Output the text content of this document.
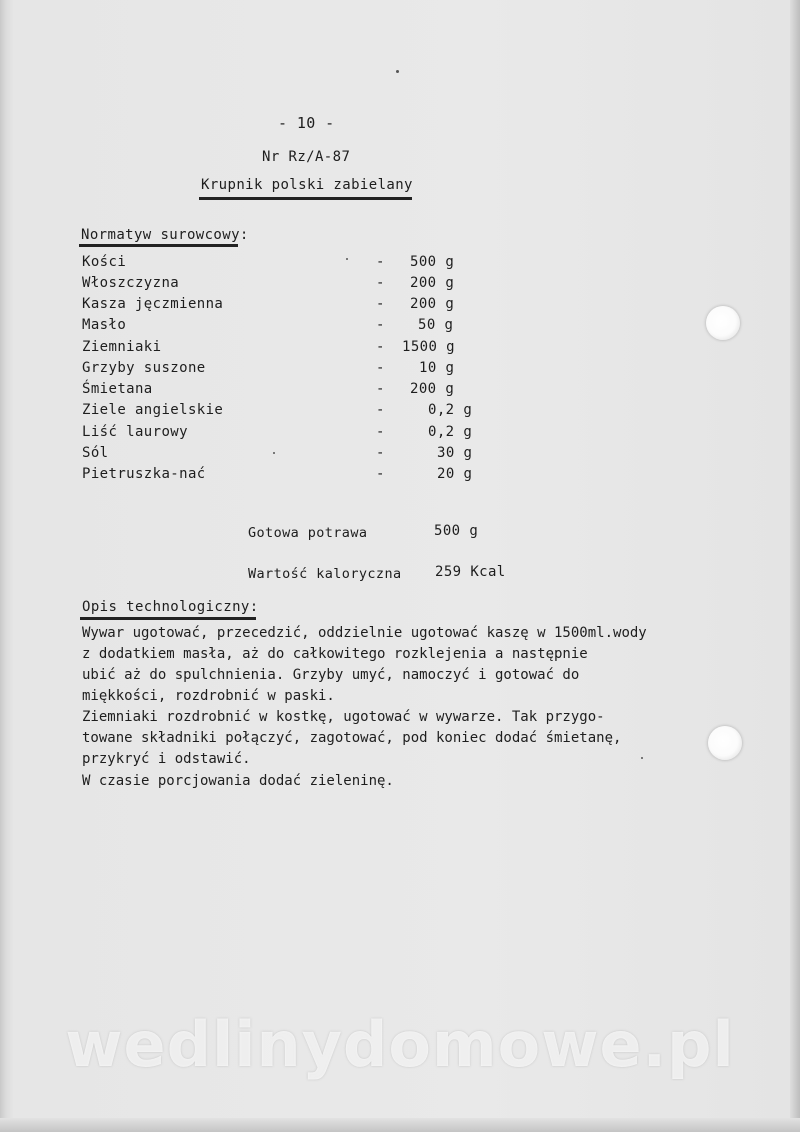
- 10 -
Nr Rz/A-87
Krupnik polski zabielany
Normatyw surowcowy:
Kości	- 500 g
Włoszczyzna	- 200 g
Kasza jęczmienna	- 200 g
Masło	- 50 g
Ziemniaki	- 1500 g
Grzyby suszone	- 10 g
Śmietana	- 200 g
Ziele angielskie	-	0,2 g
Liść laurowy	-	0,2 g
Sól	-	30 g
Pietruszka-nać	-	20 g
Gotowa potrawa	500 g
Wartość kaloryczna 259 Kcal
Opis technologiczny:
Wywar ugotować, przecedzić, oddzielnie ugotować kaszę w 1500ml.wody
z dodatkiem masła, aż do całkowitego rozklejenia a następnie
ubić aż do spulchnienia. Grzyby umyć, namoczyć i gotować do
miękkości, rozdrobnić w paski.
Ziemniaki rozdrobnić w kostkę, ugotować w wywarze. Tak przygo-
towane składniki połączyć, zagotować, pod koniec dodać śmietanę,
przykryć i odstawić.
W czasie porcjowania dodać zieleninę.
wedlinydomowe.pl
